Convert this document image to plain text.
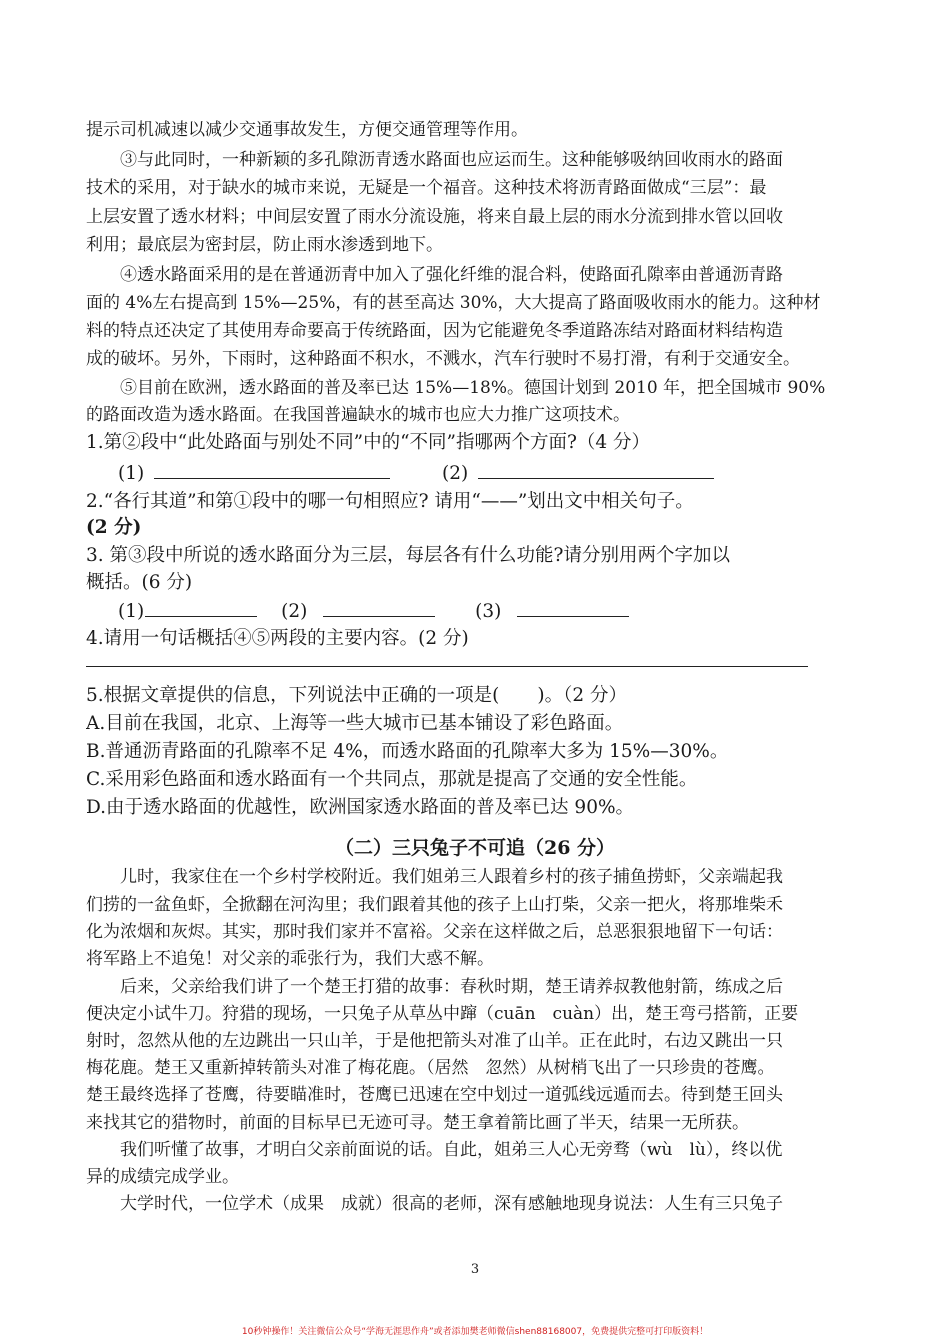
提示司机减速以减少交通事故发生，方便交通管理等作用。
③与此同时，一种新颖的多孔隙沥青透水路面也应运而生。这种能够吸纳回收雨水的路面
技术的采用，对于缺水的城市来说，无疑是一个福音。这种技术将沥青路面做成“三层”：最
上层安置了透水材料；中间层安置了雨水分流设施，将来自最上层的雨水分流到排水管以回收
利用；最底层为密封层，防止雨水渗透到地下。
④透水路面采用的是在普通沥青中加入了强化纤维的混合料，使路面孔隙率由普通沥青路
面的 4%左右提高到 15%—25%，有的甚至高达 30%，大大提高了路面吸收雨水的能力。这种材
料的特点还决定了其使用寿命要高于传统路面，因为它能避免冬季道路冻结对路面材料结构造
成的破坏。另外，下雨时，这种路面不积水，不溅水，汽车行驶时不易打滑，有利于交通安全。
⑤目前在欧洲，透水路面的普及率已达 15%—18%。德国计划到 2010 年，把全国城市 90%
的路面改造为透水路面。在我国普遍缺水的城市也应大力推广这项技术。
1.第②段中“此处路面与别处不同”中的“不同”指哪两个方面?（4 分）
(1)	(2)
2.“各行其道”和第①段中的哪一句相照应? 请用“——”划出文中相关句子。
(2 分)
3. 第③段中所说的透水路面分为三层，每层各有什么功能?请分别用两个字加以
概括。(6 分)
(1)	(2)	(3)
4.请用一句话概括④⑤两段的主要内容。(2 分)
5.根据文章提供的信息，下列说法中正确的一项是( )。（2 分）
A.目前在我国，北京、上海等一些大城市已基本铺设了彩色路面。
B.普通沥青路面的孔隙率不足 4%，而透水路面的孔隙率大多为 15%—30%。
C.采用彩色路面和透水路面有一个共同点，那就是提高了交通的安全性能。
D.由于透水路面的优越性，欧洲国家透水路面的普及率已达 90%。
（二）三只兔子不可追（26 分）
儿时，我家住在一个乡村学校附近。我们姐弟三人跟着乡村的孩子捕鱼捞虾，父亲端起我
们捞的一盆鱼虾，全掀翻在河沟里；我们跟着其他的孩子上山打柴，父亲一把火，将那堆柴禾
化为浓烟和灰烬。其实，那时我们家并不富裕。父亲在这样做之后，总恶狠狠地留下一句话：
将军路上不追兔！对父亲的乖张行为，我们大惑不解。
后来，父亲给我们讲了一个楚王打猎的故事：春秋时期，楚王请养叔教他射箭，练成之后
便决定小试牛刀。狩猎的现场，一只兔子从草丛中蹿（cuān　cuàn）出，楚王弯弓搭箭，正要
射时，忽然从他的左边跳出一只山羊，于是他把箭头对准了山羊。正在此时，右边又跳出一只
梅花鹿。楚王又重新掉转箭头对准了梅花鹿。（居然　忽然）从树梢飞出了一只珍贵的苍鹰。
楚王最终选择了苍鹰，待要瞄准时，苍鹰已迅速在空中划过一道弧线远遁而去。待到楚王回头
来找其它的猎物时，前面的目标早已无迹可寻。楚王拿着箭比画了半天，结果一无所获。
我们听懂了故事，才明白父亲前面说的话。自此，姐弟三人心无旁骛（wù　lù），终以优
异的成绩完成学业。
大学时代，一位学术（成果　成就）很高的老师，深有感触地现身说法：人生有三只兔子
3
10秒钟操作！关注微信公众号“学海无涯思作舟”或者添加樊老师微信shen88168007，免费提供完整可打印版资料！
